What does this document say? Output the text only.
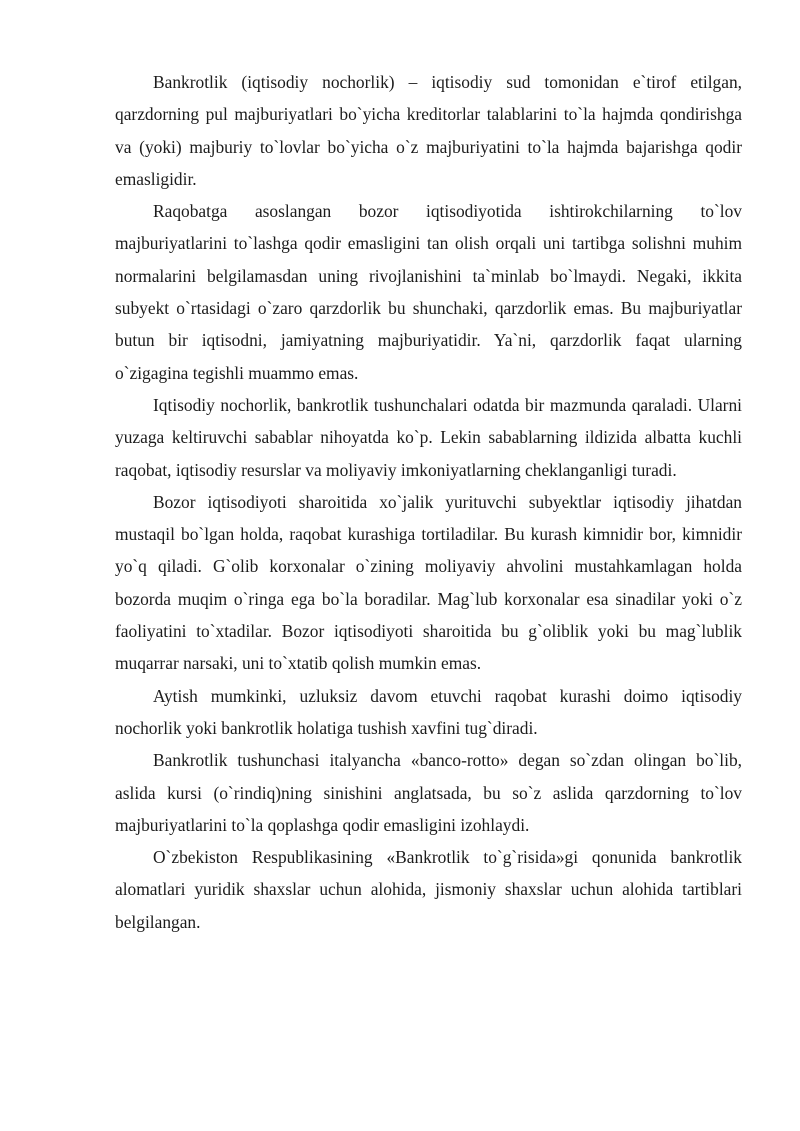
Bankrotlik (iqtisodiy nochorlik) – iqtisodiy sud tomonidan e`tirof etilgan, qarzdorning pul majburiyatlari bo`yicha kreditorlar talablarini to`la hajmda qondirishga va (yoki) majburiy to`lovlar bo`yicha o`z majburiyatini to`la hajmda bajarishga qodir emasligidir.

Raqobatga asoslangan bozor iqtisodiyotida ishtirokchilarning to`lov majburiyatlarini to`lashga qodir emasligini tan olish orqali uni tartibga solishni muhim normalarini belgilamasdan uning rivojlanishini ta`minlab bo`lmaydi. Negaki, ikkita subyekt o`rtasidagi o`zaro qarzdorlik bu shunchaki, qarzdorlik emas. Bu majburiyatlar butun bir iqtisodni, jamiyatning majburiyatidir. Ya`ni, qarzdorlik faqat ularning o`zigagina tegishli muammo emas.

Iqtisodiy nochorlik, bankrotlik tushunchalari odatda bir mazmunda qaraladi. Ularni yuzaga keltiruvchi sabablar nihoyatda ko`p. Lekin sabablarning ildizida albatta kuchli raqobat, iqtisodiy resurslar va moliyaviy imkoniyatlarning cheklanganligi turadi.

Bozor iqtisodiyoti sharoitida xo`jalik yurituvchi subyektlar iqtisodiy jihatdan mustaqil bo`lgan holda, raqobat kurashiga tortiladilar. Bu kurash kimnidir bor, kimnidir yo`q qiladi. G`olib korxonalar o`zining moliyaviy ahvolini mustahkamlagan holda bozorda muqim o`ringa ega bo`la boradilar. Mag`lub korxonalar esa sinadilar yoki o`z faoliyatini to`xtadilar. Bozor iqtisodiyoti sharoitida bu g`oliblik yoki bu mag`lublik muqarrar narsaki, uni to`xtatib qolish mumkin emas.

Aytish mumkinki, uzluksiz davom etuvchi raqobat kurashi doimo iqtisodiy nochorlik yoki bankrotlik holatiga tushish xavfini tug`diradi.

Bankrotlik tushunchasi italyancha «banco-rotto» degan so`zdan olingan bo`lib, aslida kursi (o`rindiq)ning sinishini anglatsada, bu so`z aslida qarzdorning to`lov majburiyatlarini to`la qoplashga qodir emasligini izohlaydi.

O`zbekiston Respublikasining «Bankrotlik to`g`risida»gi qonunida bankrotlik alomatlari yuridik shaxslar uchun alohida, jismoniy shaxslar uchun alohida tartiblari belgilangan.
